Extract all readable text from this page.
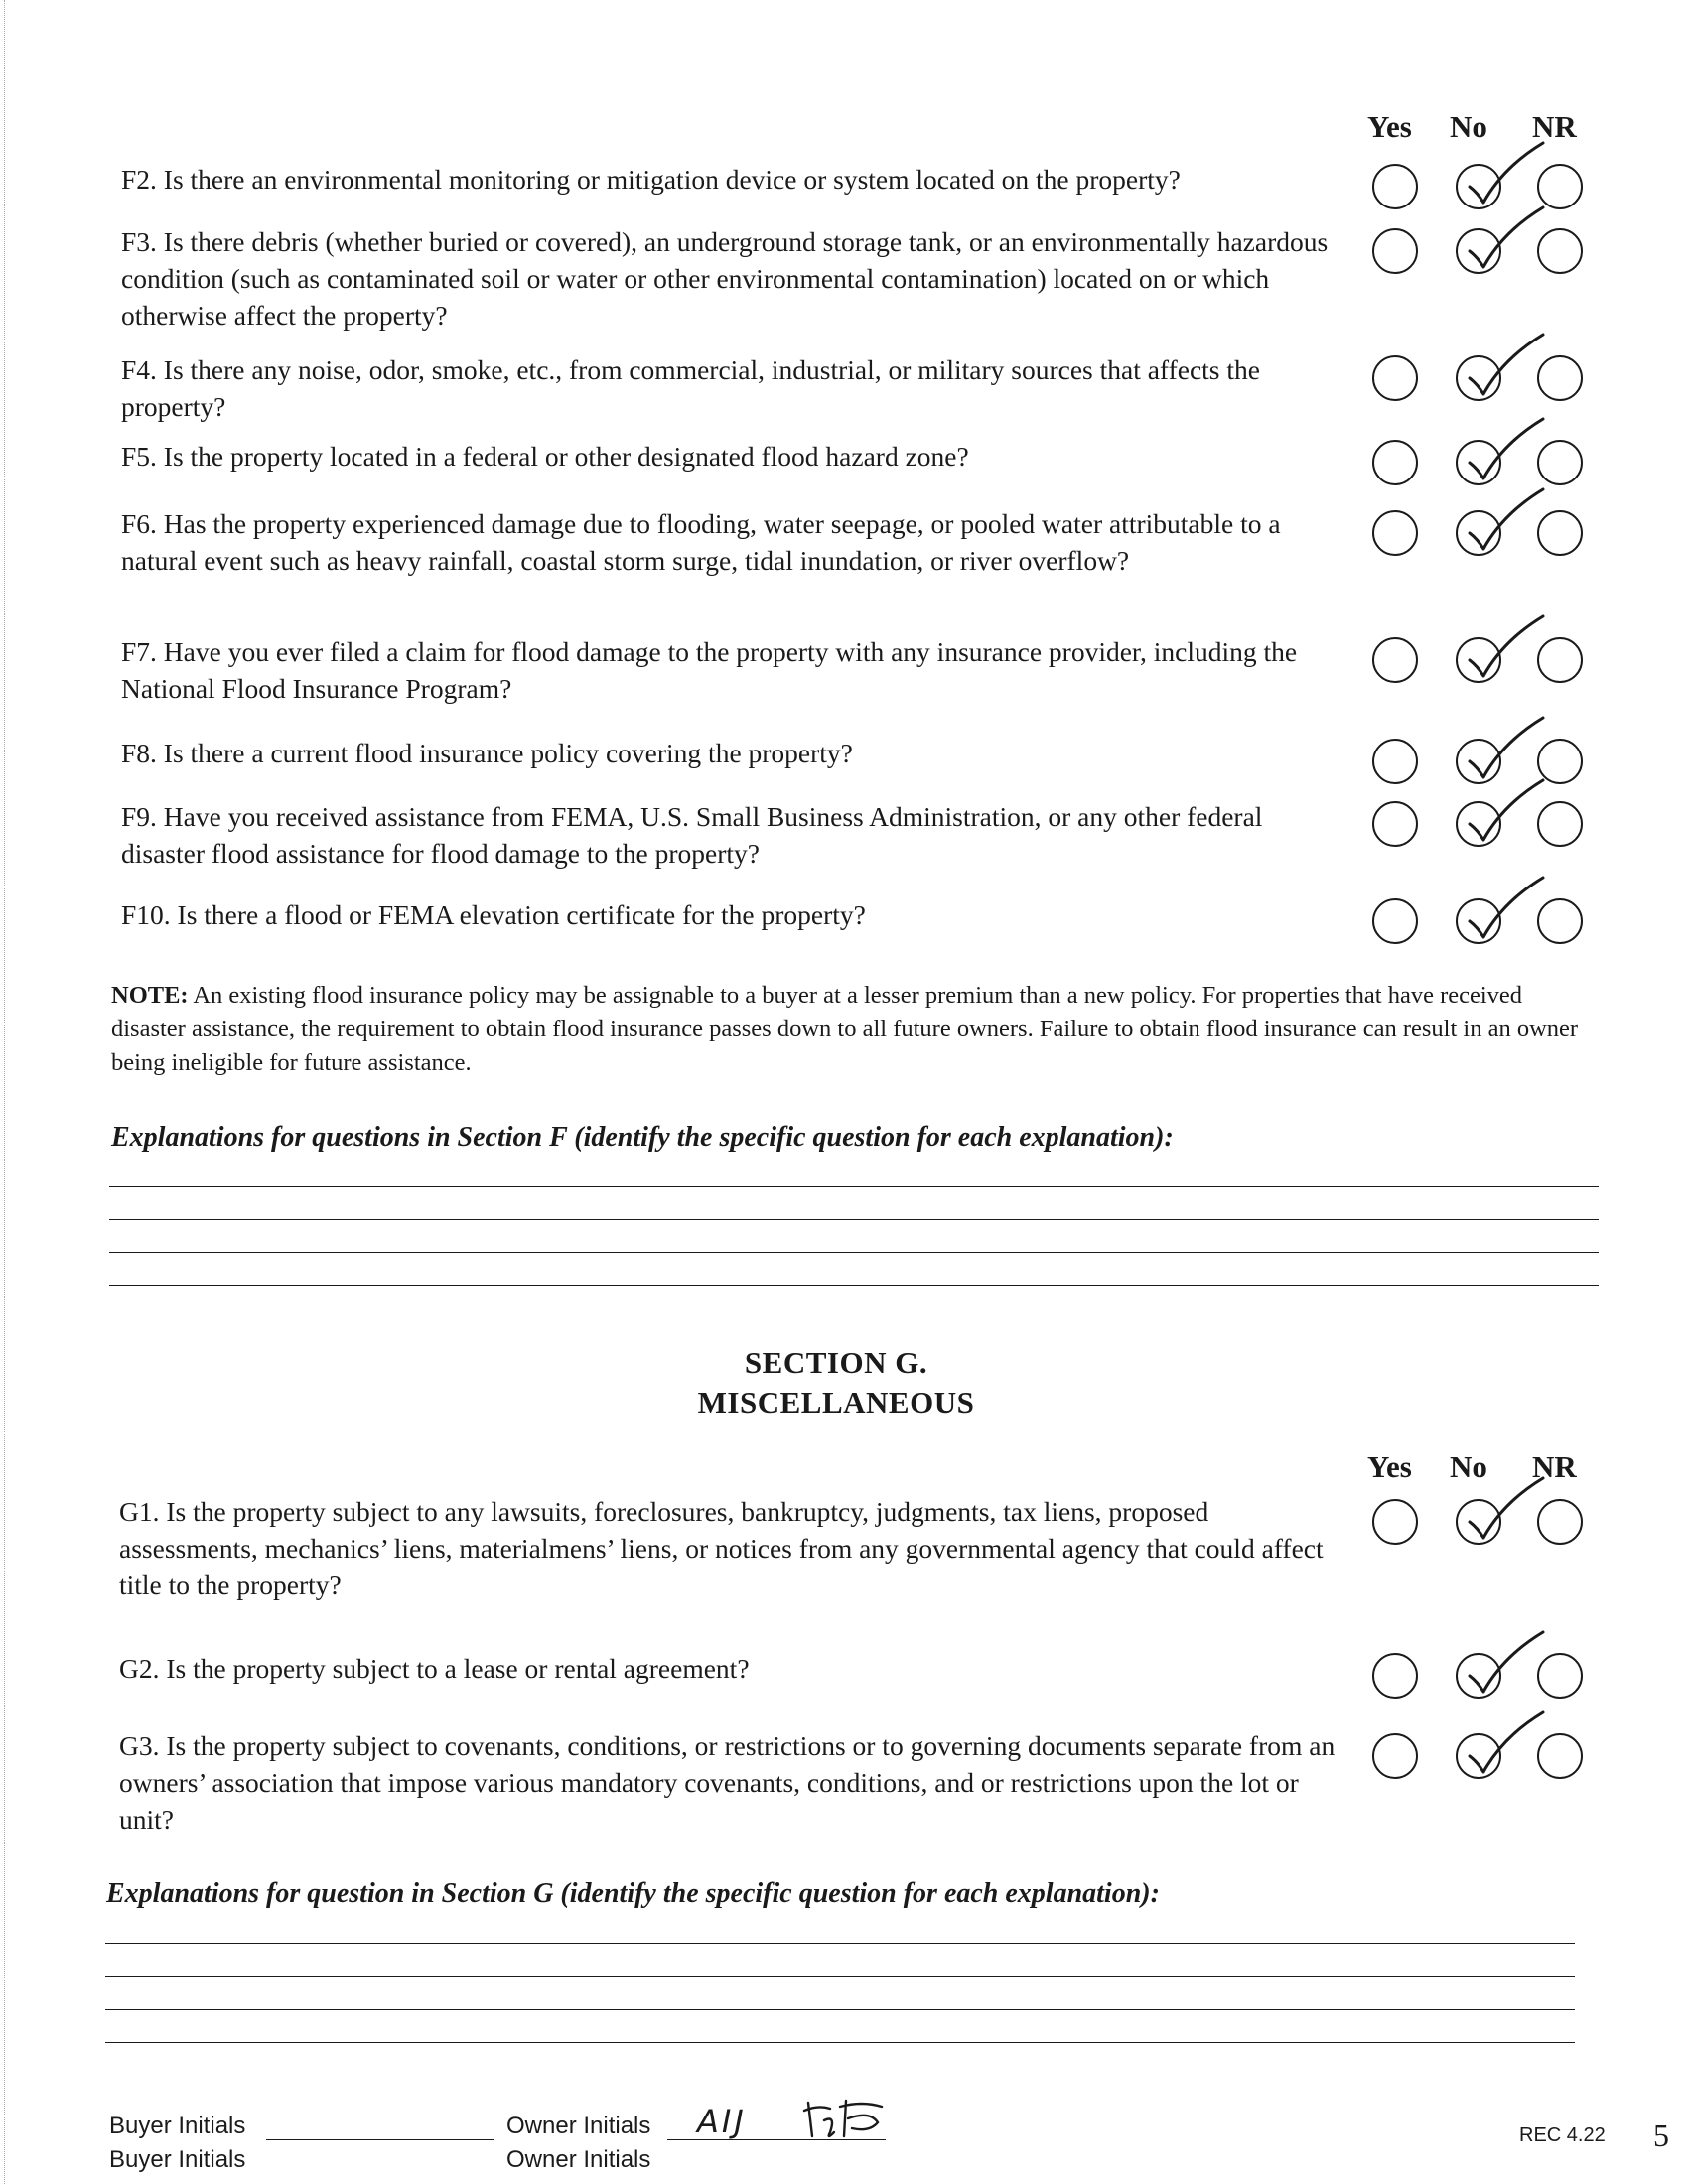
Yes No NR
F2. Is there an environmental monitoring or mitigation device or system located on the property?
F3. Is there debris (whether buried or covered), an underground storage tank, or an environmentally hazardous condition (such as contaminated soil or water or other environmental contamination) located on or which otherwise affect the property?
F4. Is there any noise, odor, smoke, etc., from commercial, industrial, or military sources that affects the property?
F5. Is the property located in a federal or other designated flood hazard zone?
F6. Has the property experienced damage due to flooding, water seepage, or pooled water attributable to a natural event such as heavy rainfall, coastal storm surge, tidal inundation, or river overflow?
F7. Have you ever filed a claim for flood damage to the property with any insurance provider, including the National Flood Insurance Program?
F8. Is there a current flood insurance policy covering the property?
F9. Have you received assistance from FEMA, U.S. Small Business Administration, or any other federal disaster flood assistance for flood damage to the property?
F10. Is there a flood or FEMA elevation certificate for the property?
NOTE: An existing flood insurance policy may be assignable to a buyer at a lesser premium than a new policy. For properties that have received disaster assistance, the requirement to obtain flood insurance passes down to all future owners. Failure to obtain flood insurance can result in an owner being ineligible for future assistance.
Explanations for questions in Section F (identify the specific question for each explanation):
SECTION G.
MISCELLANEOUS
Yes No NR
G1. Is the property subject to any lawsuits, foreclosures, bankruptcy, judgments, tax liens, proposed assessments, mechanics’ liens, materialmens’ liens, or notices from any governmental agency that could affect title to the property?
G2. Is the property subject to a lease or rental agreement?
G3. Is the property subject to covenants, conditions, or restrictions or to governing documents separate from an owners’ association that impose various mandatory covenants, conditions, and or restrictions upon the lot or unit?
Explanations for question in Section G (identify the specific question for each explanation):
Buyer Initials
Buyer Initials
Owner Initials
Owner Initials
AIJ	REC 4.22 5
